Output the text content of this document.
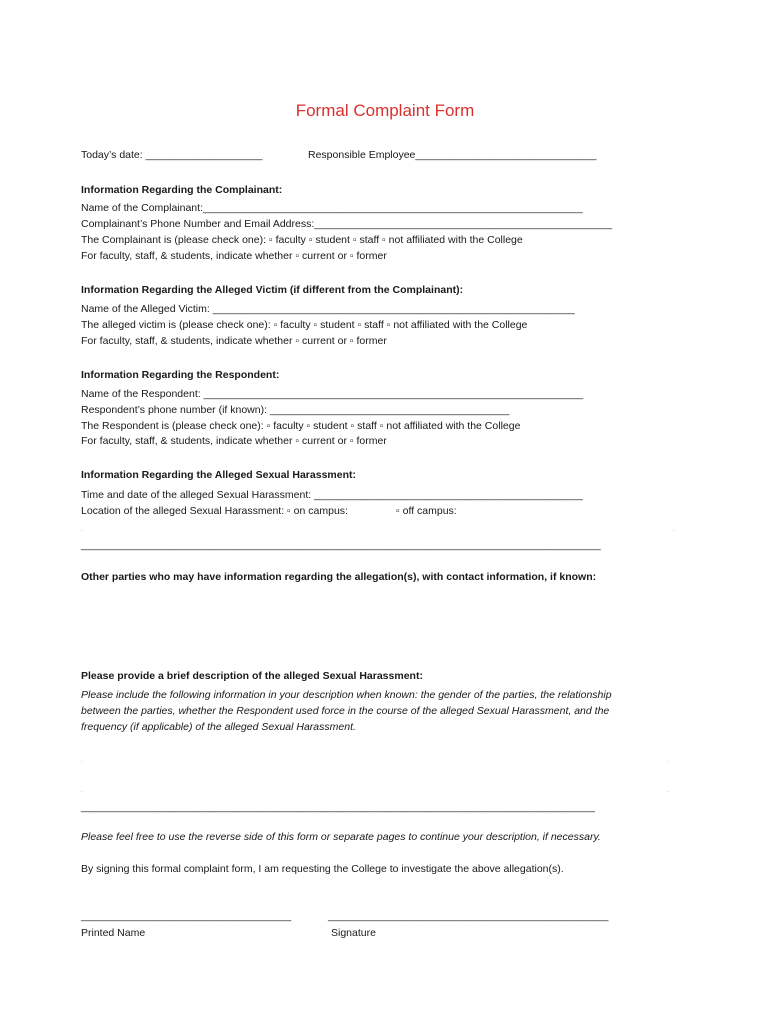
Formal Complaint Form
Today’s date: ____________________	Responsible Employee_______________________________
Information Regarding the Complainant:
Name of the Complainant:_________________________________________________________________
Complainant’s Phone Number and Email Address:___________________________________________________
The Complainant is (please check one): ▫ faculty ▫ student ▫ staff ▫ not affiliated with the College
For faculty, staff, & students, indicate whether ▫ current or ▫ former
Information Regarding the Alleged Victim (if different from the Complainant):
Name of the Alleged Victim: ______________________________________________________________
The alleged victim is (please check one): ▫ faculty ▫ student ▫ staff ▫ not affiliated with the College
For faculty, staff, & students, indicate whether ▫ current or ▫ former
Information Regarding the Respondent:
Name of the Respondent: _________________________________________________________________
Respondent’s phone number (if known): _________________________________________
The Respondent is (please check one): ▫ faculty ▫ student ▫ staff ▫ not affiliated with the College
For faculty, staff, & students, indicate whether ▫ current or ▫ former
Information Regarding the Alleged Sexual Harassment:
Time and date of the alleged Sexual Harassment: ______________________________________________
Location of the alleged Sexual Harassment: ▫ on campus:	▫ off campus:
.	.
_________________________________________________________________________________________
Other parties who may have information regarding the allegation(s), with contact information, if known:
Please provide a brief description of the alleged Sexual Harassment:
Please include the following information in your description when known: the gender of the parties, the relationship
between the parties, whether the Respondent used force in the course of the alleged Sexual Harassment, and the
frequency (if applicable) of the alleged Sexual Harassment.
.	.
.	.
________________________________________________________________________________________
Please feel free to use the reverse side of this form or separate pages to continue your description, if necessary.
By signing this formal complaint form, I am requesting the College to investigate the above allegation(s).
____________________________________	________________________________________________
Printed Name	Signature
